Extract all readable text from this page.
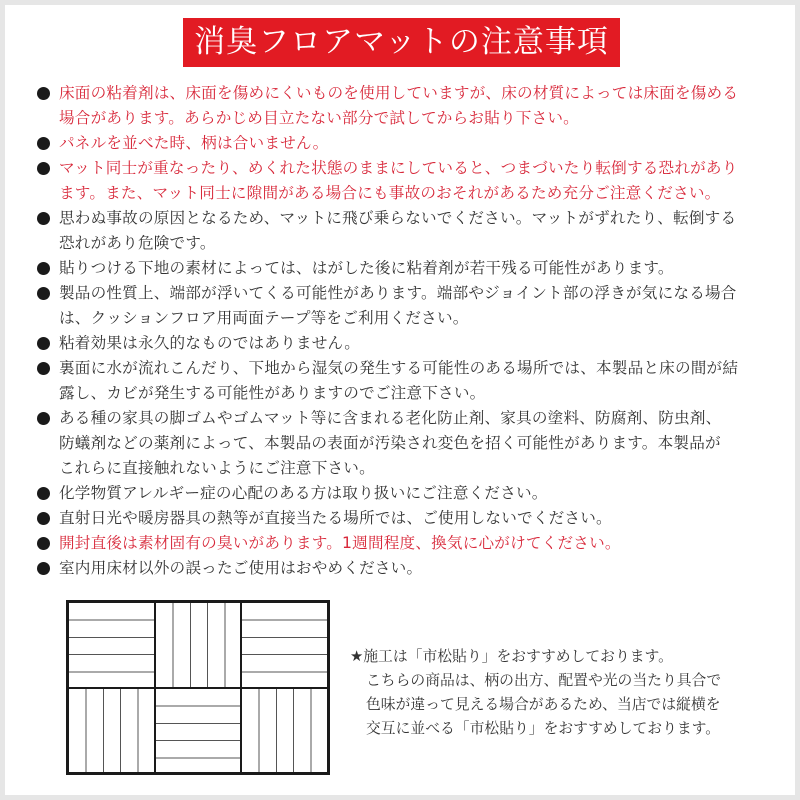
消臭フロアマットの注意事項
床面の粘着剤は、床面を傷めにくいものを使用していますが、床の材質によっては床面を傷める
場合があります。あらかじめ目立たない部分で試してからお貼り下さい。
パネルを並べた時、柄は合いません。
マット同士が重なったり、めくれた状態のままにしていると、つまづいたり転倒する恐れがあり
ます。また、マット同士に隙間がある場合にも事故のおそれがあるため充分ご注意ください。
思わぬ事故の原因となるため、マットに飛び乗らないでください。マットがずれたり、転倒する
恐れがあり危険です。
貼りつける下地の素材によっては、はがした後に粘着剤が若干残る可能性があります。
製品の性質上、端部が浮いてくる可能性があります。端部やジョイント部の浮きが気になる場合
は、クッションフロア用両面テープ等をご利用ください。
粘着効果は永久的なものではありません。
裏面に水が流れこんだり、下地から湿気の発生する可能性のある場所では、本製品と床の間が結
露し、カビが発生する可能性がありますのでご注意下さい。
ある種の家具の脚ゴムやゴムマット等に含まれる老化防止剤、家具の塗料、防腐剤、防虫剤、
防蟻剤などの薬剤によって、本製品の表面が汚染され変色を招く可能性があります。本製品が
これらに直接触れないようにご注意下さい。
化学物質アレルギー症の心配のある方は取り扱いにご注意ください。
直射日光や暖房器具の熱等が直接当たる場所では、ご使用しないでください。
開封直後は素材固有の臭いがあります。1週間程度、換気に心がけてください。
室内用床材以外の誤ったご使用はおやめください。

★施工は「市松貼り」をおすすめしております。

こちらの商品は、柄の出方、配置や光の当たり具合で
色味が違って見える場合があるため、当店では縦横を
交互に並べる「市松貼り」をおすすめしております。
